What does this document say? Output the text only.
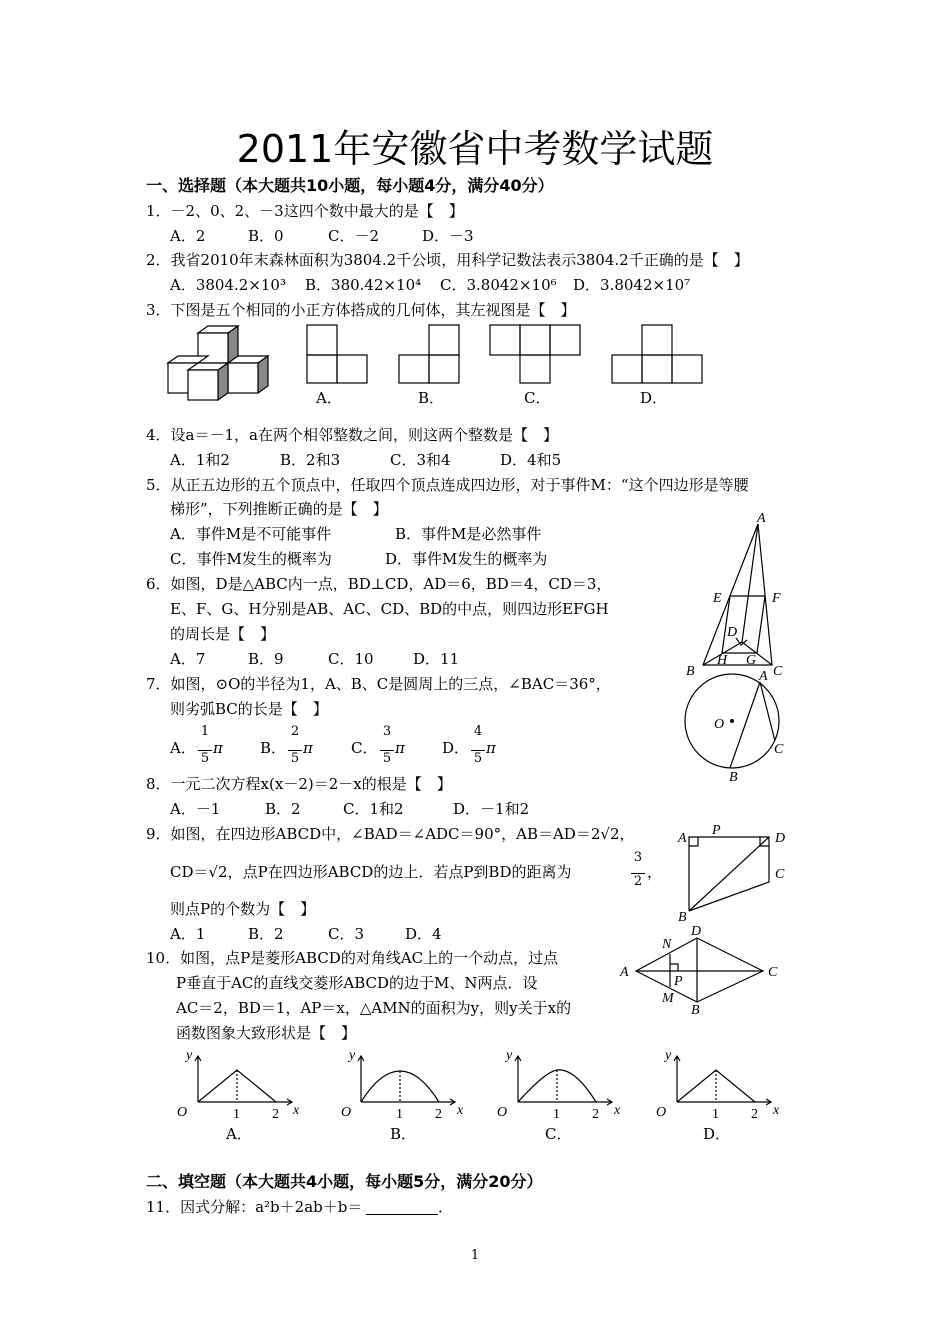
2011年安徽省中考数学试题
一、选择题（本大题共10小题，每小题4分，满分40分）
1．－2、0、2、－3这四个数中最大的是【　】
A．2	B．0	C．－2	D．－3
2．我省2010年末森林面积为3804.2千公顷，用科学记数法表示3804.2千正确的是【　】
A．3804.2×10³ B．380.42×10⁴ C．3.8042×10⁶ D．3.8042×10⁷
3．下图是五个相同的小正方体搭成的几何体，其左视图是【　】
A．	B．	C．	D．
4．设a＝－1，a在两个相邻整数之间，则这两个整数是【　】
A．1和2	B．2和3	C．3和4	D．4和5
5．从正五边形的五个顶点中，任取四个顶点连成四边形，对于事件M：“这个四边形是等腰
梯形”，下列推断正确的是【　】
A．事件M是不可能事件	B．事件M是必然事件
C．事件M发生的概率为	D．事件M发生的概率为
6．如图，D是△ABC内一点，BD⊥CD，AD＝6，BD＝4，CD＝3，
E、F、G、H分别是AB、AC、CD、BD的中点，则四边形EFGH
的周长是【　】
A．7	B．9	C．10	D．11
A
E	F
D
H G
B	C
7．如图，⊙O的半径为1，A、B、C是圆周上的三点，∠BAC＝36°，
则劣弧BC的长是【　】
A．
1
5
π B．
2
5
π	C．
3
5
π D．
4
5
π
A
O
C
B
8．一元二次方程x(x－2)＝2－x的根是【　】
A．－1	B．2	C．1和2	D．－1和2
9．如图，在四边形ABCD中，∠BAD＝∠ADC＝90°，AB＝AD＝2√2，
CD＝√2，点P在四边形ABCD的边上．若点P到BD的距离为
3
2
，
则点P的个数为【　】
A．1	B．2	C．3	D．4
A
P
D
C
B
10．如图，点P是菱形ABCD的对角线AC上的一个动点，过点
P垂直于AC的直线交菱形ABCD的边于M、N两点．设
AC＝2，BD＝1，AP＝x，△AMN的面积为y，则y关于x的
函数图象大致形状是【　】
A
D
C
B
N
P
M
y
x
O	1 2
y
x
O	1 2
y
x
O	1 2
y
x
O	1 2
A．	B．	C．	D．
二、填空题（本大题共4小题，每小题5分，满分20分）
11．因式分解：a²b＋2ab＋b＝	．
1
